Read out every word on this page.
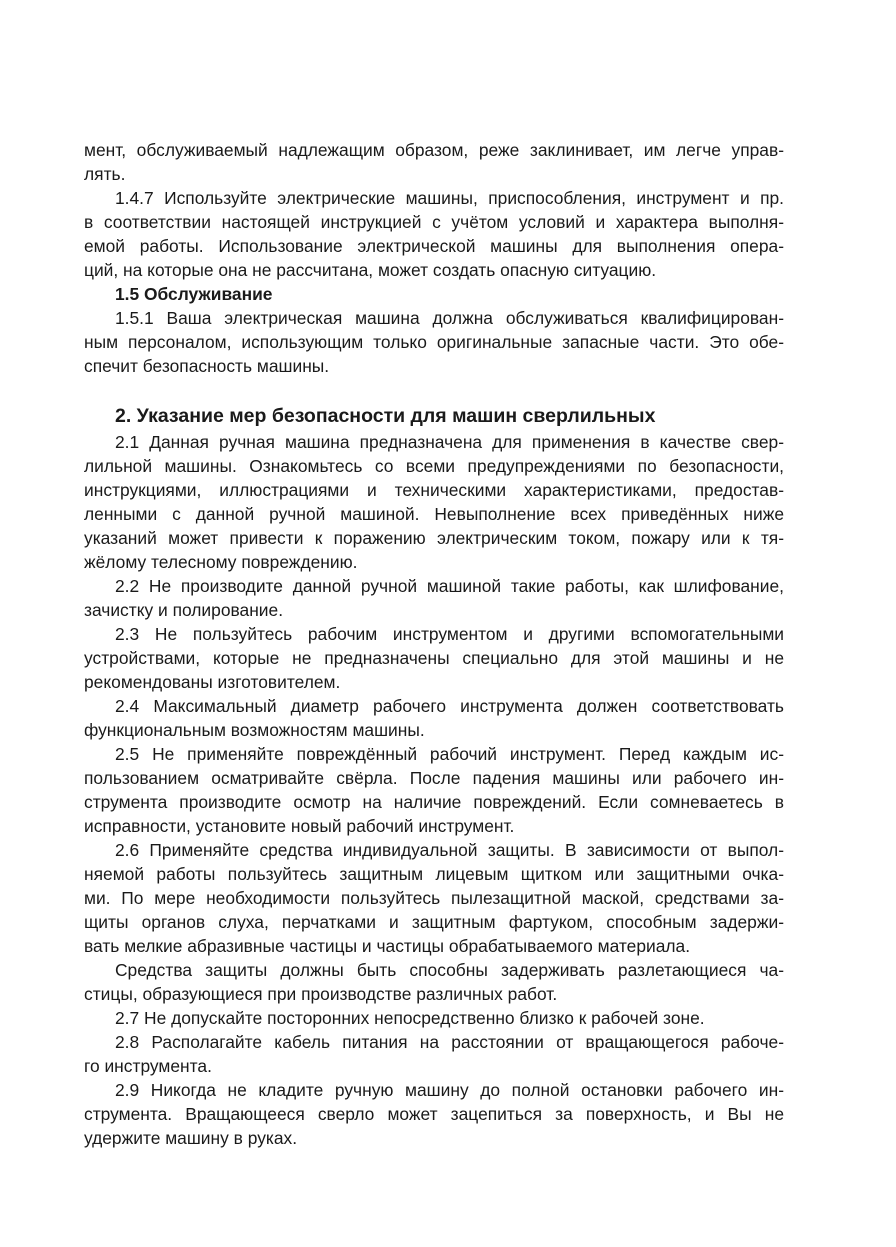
мент, обслуживаемый надлежащим образом, реже заклинивает, им легче управ-
лять.
1.4.7 Используйте электрические машины, приспособления, инструмент и пр.
в соответствии настоящей инструкцией с учётом условий и характера выполня-
емой работы. Использование электрической машины для выполнения опера-
ций, на которые она не рассчитана, может создать опасную ситуацию.
1.5 Обслуживание
1.5.1 Ваша электрическая машина должна обслуживаться квалифицирован-
ным персоналом, использующим только оригинальные запасные части. Это обе-
спечит безопасность машины.
2. Указание мер безопасности для машин сверлильных
2.1 Данная ручная машина предназначена для применения в качестве свер-
лильной машины. Ознакомьтесь со всеми предупреждениями по безопасности,
инструкциями, иллюстрациями и техническими характеристиками, предостав-
ленными с данной ручной машиной. Невыполнение всех приведённых ниже
указаний может привести к поражению электрическим током, пожару или к тя-
жёлому телесному повреждению.
2.2 Не производите данной ручной машиной такие работы, как шлифование,
зачистку и полирование.
2.3 Не пользуйтесь рабочим инструментом и другими вспомогательными
устройствами, которые не предназначены специально для этой машины и не
рекомендованы изготовителем.
2.4 Максимальный диаметр рабочего инструмента должен соответствовать
функциональным возможностям машины.
2.5 Не применяйте повреждённый рабочий инструмент. Перед каждым ис-
пользованием осматривайте свёрла. После падения машины или рабочего ин-
струмента производите осмотр на наличие повреждений. Если сомневаетесь в
исправности, установите новый рабочий инструмент.
2.6 Применяйте средства индивидуальной защиты. В зависимости от выпол-
няемой работы пользуйтесь защитным лицевым щитком или защитными очка-
ми. По мере необходимости пользуйтесь пылезащитной маской, средствами за-
щиты органов слуха, перчатками и защитным фартуком, способным задержи-
вать мелкие абразивные частицы и частицы обрабатываемого материала.
Средства защиты должны быть способны задерживать разлетающиеся ча-
стицы, образующиеся при производстве различных работ.
2.7 Не допускайте посторонних непосредственно близко к рабочей зоне.
2.8 Располагайте кабель питания на расстоянии от вращающегося рабоче-
го инструмента.
2.9 Никогда не кладите ручную машину до полной остановки рабочего ин-
струмента. Вращающееся сверло может зацепиться за поверхность, и Вы не
удержите машину в руках.
